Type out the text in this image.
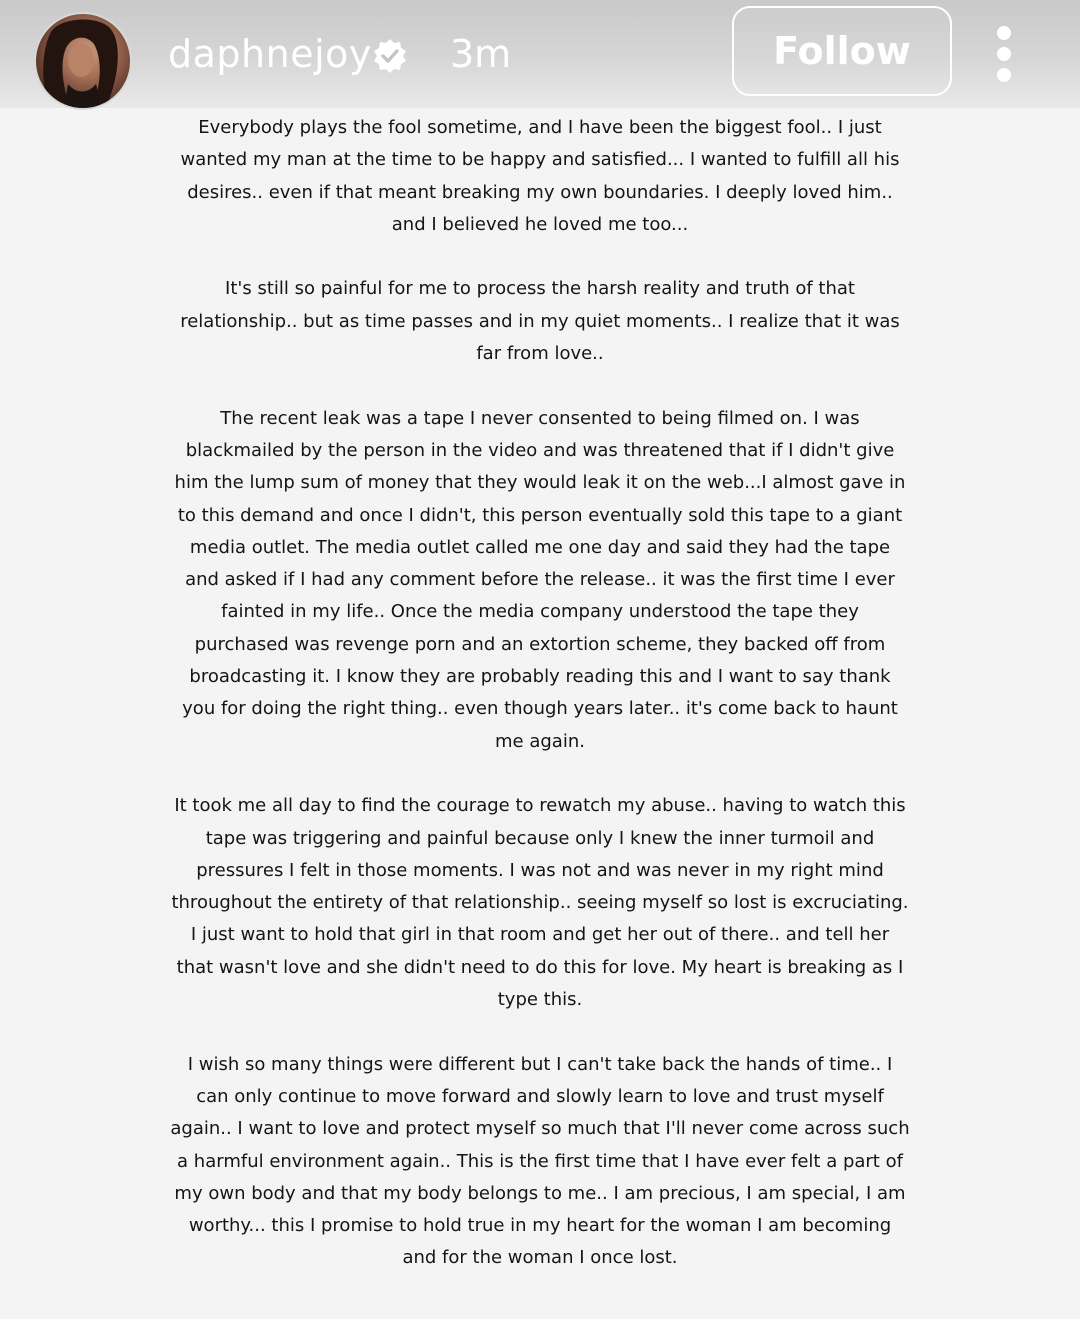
daphnejoy 3m	Follow
Everybody plays the fool sometime, and I have been the biggest fool.. I just
wanted my man at the time to be happy and satisfied... I wanted to fulfill all his
desires.. even if that meant breaking my own boundaries. I deeply loved him..
and I believed he loved me too...
It's still so painful for me to process the harsh reality and truth of that
relationship.. but as time passes and in my quiet moments.. I realize that it was
far from love..
The recent leak was a tape I never consented to being filmed on. I was
blackmailed by the person in the video and was threatened that if I didn't give
him the lump sum of money that they would leak it on the web...I almost gave in
to this demand and once I didn't, this person eventually sold this tape to a giant
media outlet. The media outlet called me one day and said they had the tape
and asked if I had any comment before the release.. it was the first time I ever
fainted in my life.. Once the media company understood the tape they
purchased was revenge porn and an extortion scheme, they backed off from
broadcasting it. I know they are probably reading this and I want to say thank
you for doing the right thing.. even though years later.. it's come back to haunt
me again.
It took me all day to find the courage to rewatch my abuse.. having to watch this
tape was triggering and painful because only I knew the inner turmoil and
pressures I felt in those moments. I was not and was never in my right mind
throughout the entirety of that relationship.. seeing myself so lost is excruciating.
I just want to hold that girl in that room and get her out of there.. and tell her
that wasn't love and she didn't need to do this for love. My heart is breaking as I
type this.
I wish so many things were different but I can't take back the hands of time.. I
can only continue to move forward and slowly learn to love and trust myself
again.. I want to love and protect myself so much that I'll never come across such
a harmful environment again.. This is the first time that I have ever felt a part of
my own body and that my body belongs to me.. I am precious, I am special, I am
worthy... this I promise to hold true in my heart for the woman I am becoming
and for the woman I once lost.
